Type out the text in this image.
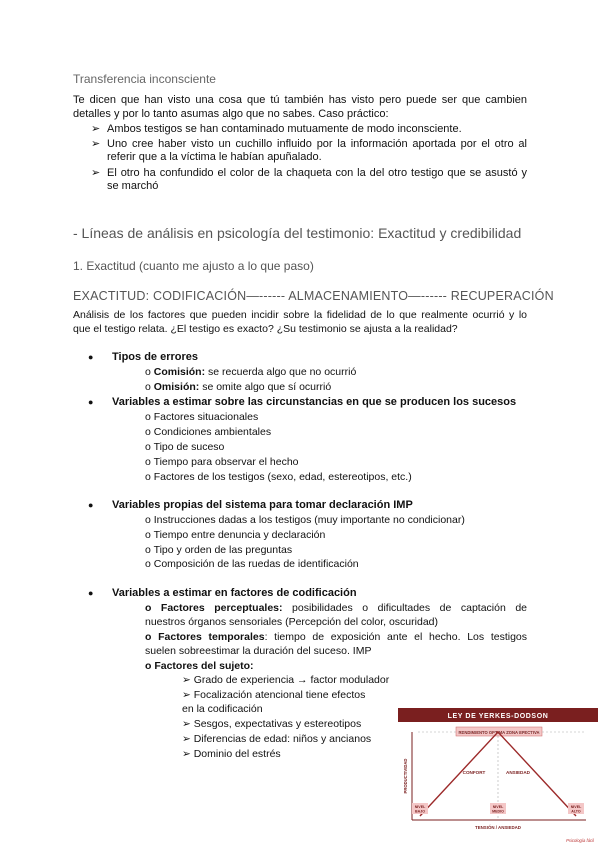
Transferencia inconsciente
Te dicen que han visto una cosa que tú también has visto pero puede ser que cambien
detalles y por lo tanto asumas algo que no sabes. Caso práctico:
➢ Ambos testigos se han contaminado mutuamente de modo inconsciente.
➢ Uno cree haber visto un cuchillo influido por la información aportada por el otro al
referir que a la víctima le habían apuñalado.
➢ El otro ha confundido el color de la chaqueta con la del otro testigo que se asustó y
se marchó
- Líneas de análisis en psicología del testimonio: Exactitud y credibilidad
1. Exactitud (cuanto me ajusto a lo que paso)
EXACTITUD: CODIFICACIÓN—------ ALMACENAMIENTO—------ RECUPERACIÓN
Análisis de los factores que pueden incidir sobre la fidelidad de lo que realmente ocurrió y lo
que el testigo relata. ¿El testigo es exacto? ¿Su testimonio se ajusta a la realidad?
● Tipos de errores
o Comisión: se recuerda algo que no ocurrió
o Omisión: se omite algo que sí ocurrió
● Variables a estimar sobre las circunstancias en que se producen los sucesos
o Factores situacionales
o Condiciones ambientales
o Tipo de suceso
o Tiempo para observar el hecho
o Factores de los testigos (sexo, edad, estereotipos, etc.)
● Variables propias del sistema para tomar declaración IMP
o Instrucciones dadas a los testigos (muy importante no condicionar)
o Tiempo entre denuncia y declaración
o Tipo y orden de las preguntas
o Composición de las ruedas de identificación
● Variables a estimar en factores de codificación
o Factores perceptuales: posibilidades o dificultades de captación de
nuestros órganos sensoriales (Percepción del color, oscuridad)
o Factores temporales: tiempo de exposición ante el hecho. Los testigos
suelen sobreestimar la duración del suceso. IMP
o Factores del sujeto:
➢ Grado de experiencia → factor modulador
➢ Focalización atencional tiene efectos
en la codificación
➢ Sesgos, expectativas y estereotipos
➢ Diferencias de edad: niños y ancianos
➢ Dominio del estrés
LEY DE YERKES-DODSON
RENDIMIENTO OPTIMA ZONA EFECTIVA
CONFORT	ANSIEDAD
PRODUCTIVIDAD
NIVEL
BAJO
NIVEL
MEDIO
NIVEL
ALTO
TENSIÓN / ANSIEDAD
Psicología fácil
